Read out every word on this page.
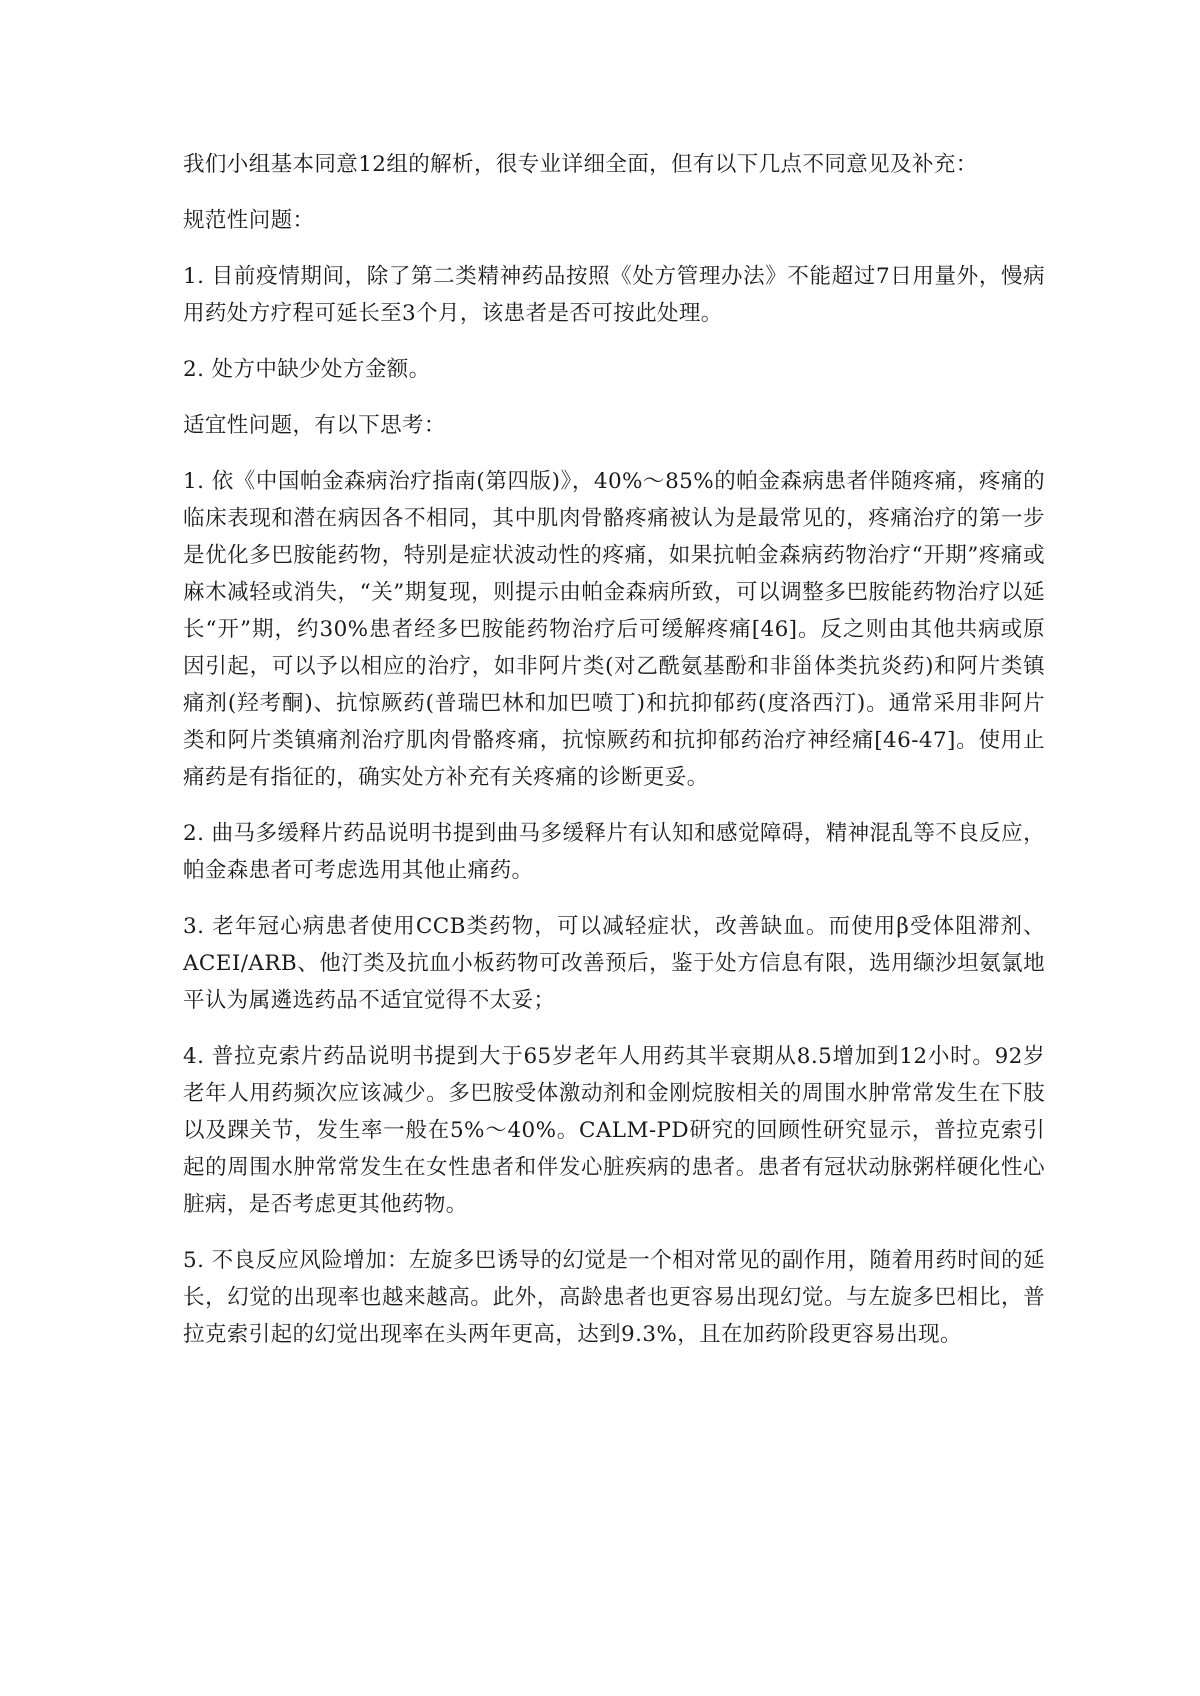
我们小组基本同意12组的解析，很专业详细全面，但有以下几点不同意见及补充：

规范性问题：

1. 目前疫情期间，除了第二类精神药品按照《处方管理办法》不能超过7日用量外，慢病用药处方疗程可延长至3个月，该患者是否可按此处理。

2. 处方中缺少处方金额。

适宜性问题，有以下思考：

1. 依《中国帕金森病治疗指南(第四版)》，40%～85%的帕金森病患者伴随疼痛，疼痛的临床表现和潜在病因各不相同，其中肌肉骨骼疼痛被认为是最常见的，疼痛治疗的第一步是优化多巴胺能药物，特别是症状波动性的疼痛，如果抗帕金森病药物治疗“开期”疼痛或麻木减轻或消失，“关”期复现，则提示由帕金森病所致，可以调整多巴胺能药物治疗以延长“开”期，约30%患者经多巴胺能药物治疗后可缓解疼痛[46]。反之则由其他共病或原因引起，可以予以相应的治疗，如非阿片类(对乙酰氨基酚和非甾体类抗炎药)和阿片类镇痛剂(羟考酮)、抗惊厥药(普瑞巴林和加巴喷丁)和抗抑郁药(度洛西汀)。通常采用非阿片类和阿片类镇痛剂治疗肌肉骨骼疼痛，抗惊厥药和抗抑郁药治疗神经痛[46-47]。使用止痛药是有指征的，确实处方补充有关疼痛的诊断更妥。

2. 曲马多缓释片药品说明书提到曲马多缓释片有认知和感觉障碍，精神混乱等不良反应，帕金森患者可考虑选用其他止痛药。

3. 老年冠心病患者使用CCB类药物，可以减轻症状，改善缺血。而使用β受体阻滞剂、ACEI/ARB、他汀类及抗血小板药物可改善预后，鉴于处方信息有限，选用缬沙坦氨氯地平认为属遴选药品不适宜觉得不太妥；

4. 普拉克索片药品说明书提到大于65岁老年人用药其半衰期从8.5增加到12小时。92岁老年人用药频次应该减少。多巴胺受体激动剂和金刚烷胺相关的周围水肿常常发生在下肢以及踝关节，发生率一般在5%～40%。CALM-PD研究的回顾性研究显示，普拉克索引起的周围水肿常常发生在女性患者和伴发心脏疾病的患者。患者有冠状动脉粥样硬化性心脏病，是否考虑更其他药物。

5. 不良反应风险增加：左旋多巴诱导的幻觉是一个相对常见的副作用，随着用药时间的延长，幻觉的出现率也越来越高。此外，高龄患者也更容易出现幻觉。与左旋多巴相比，普拉克索引起的幻觉出现率在头两年更高，达到9.3%，且在加药阶段更容易出现。
